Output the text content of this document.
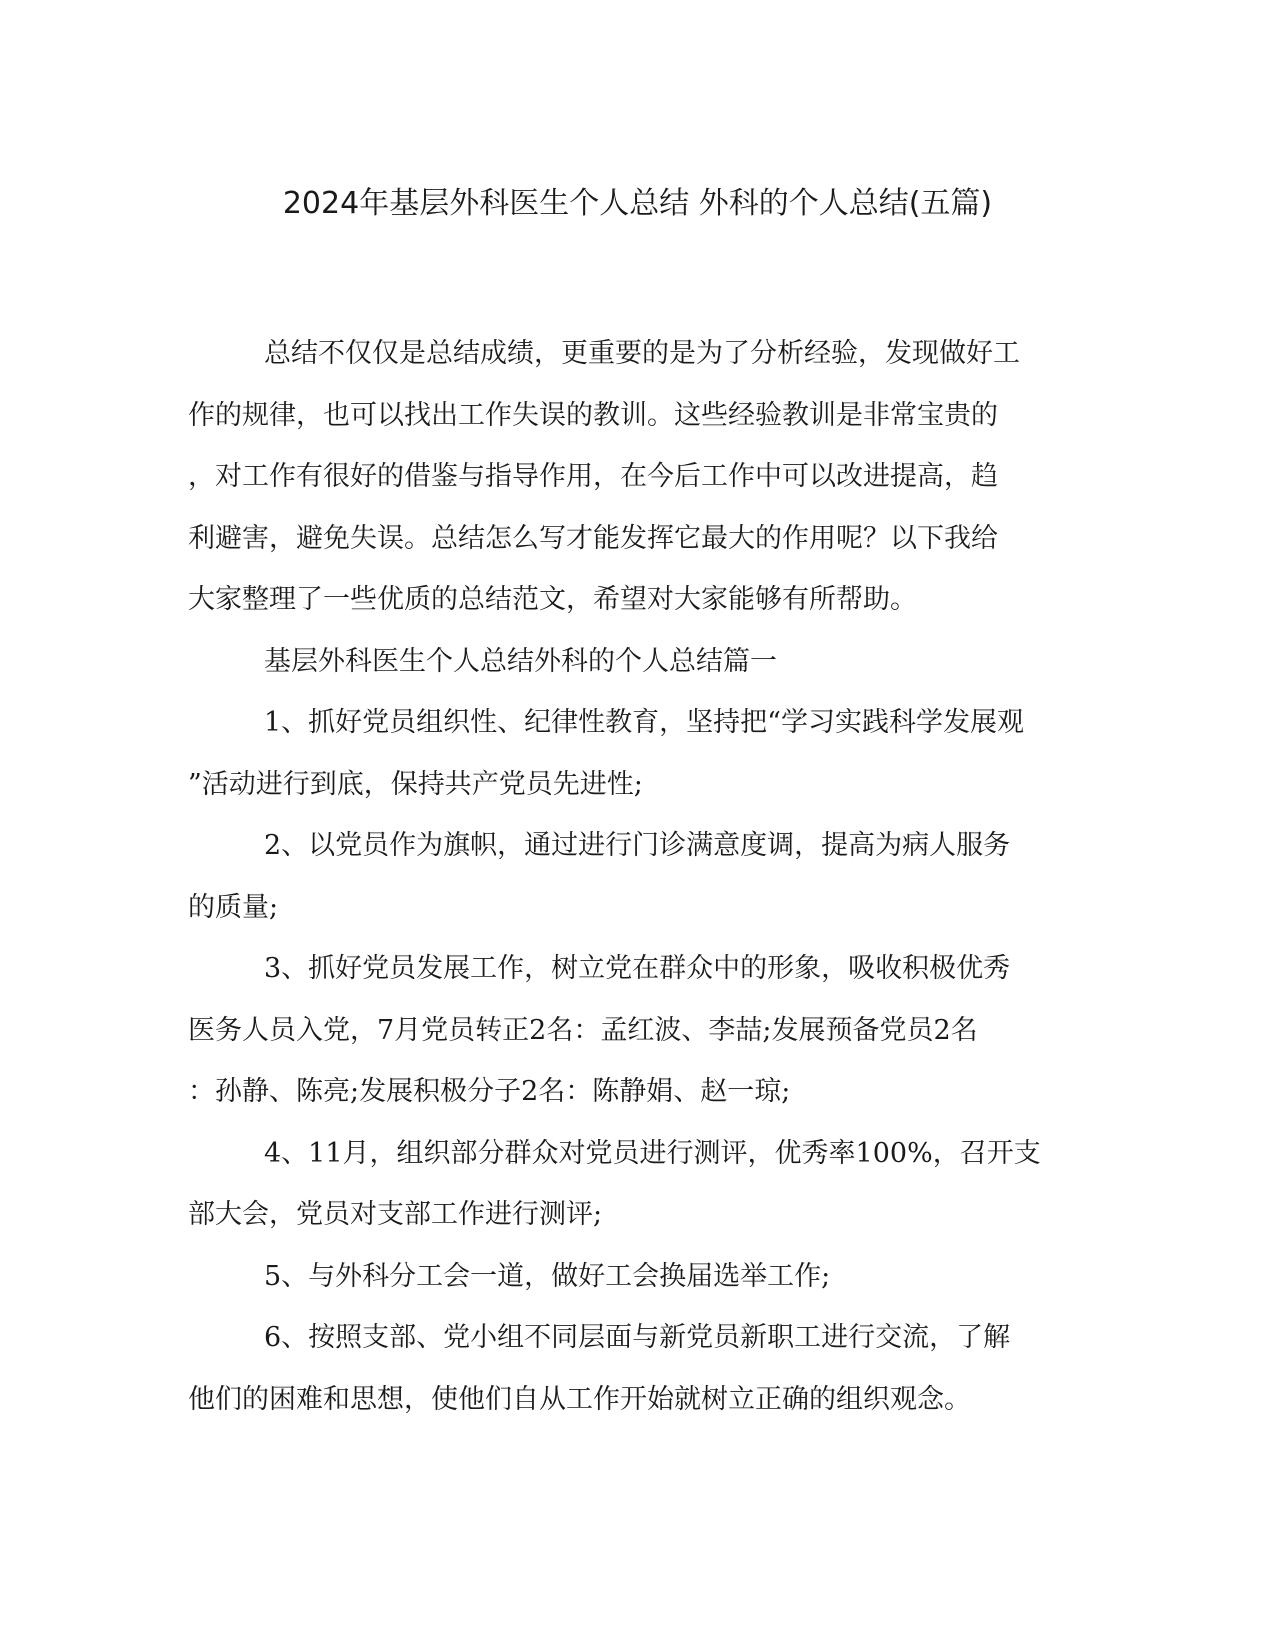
2024年基层外科医生个人总结 外科的个人总结(五篇)

总结不仅仅是总结成绩，更重要的是为了分析经验，发现做好工

作的规律，也可以找出工作失误的教训。这些经验教训是非常宝贵的

，对工作有很好的借鉴与指导作用，在今后工作中可以改进提高，趋

利避害，避免失误。总结怎么写才能发挥它最大的作用呢？以下我给

大家整理了一些优质的总结范文，希望对大家能够有所帮助。

基层外科医生个人总结外科的个人总结篇一

1、抓好党员组织性、纪律性教育，坚持把“学习实践科学发展观

”活动进行到底，保持共产党员先进性;

2、以党员作为旗帜，通过进行门诊满意度调，提高为病人服务

的质量;

3、抓好党员发展工作，树立党在群众中的形象，吸收积极优秀

医务人员入党，7月党员转正2名：孟红波、李喆;发展预备党员2名

：孙静、陈亮;发展积极分子2名：陈静娟、赵一琼;

4、11月，组织部分群众对党员进行测评，优秀率100%，召开支

部大会，党员对支部工作进行测评;

5、与外科分工会一道，做好工会换届选举工作;

6、按照支部、党小组不同层面与新党员新职工进行交流，了解

他们的困难和思想，使他们自从工作开始就树立正确的组织观念。
